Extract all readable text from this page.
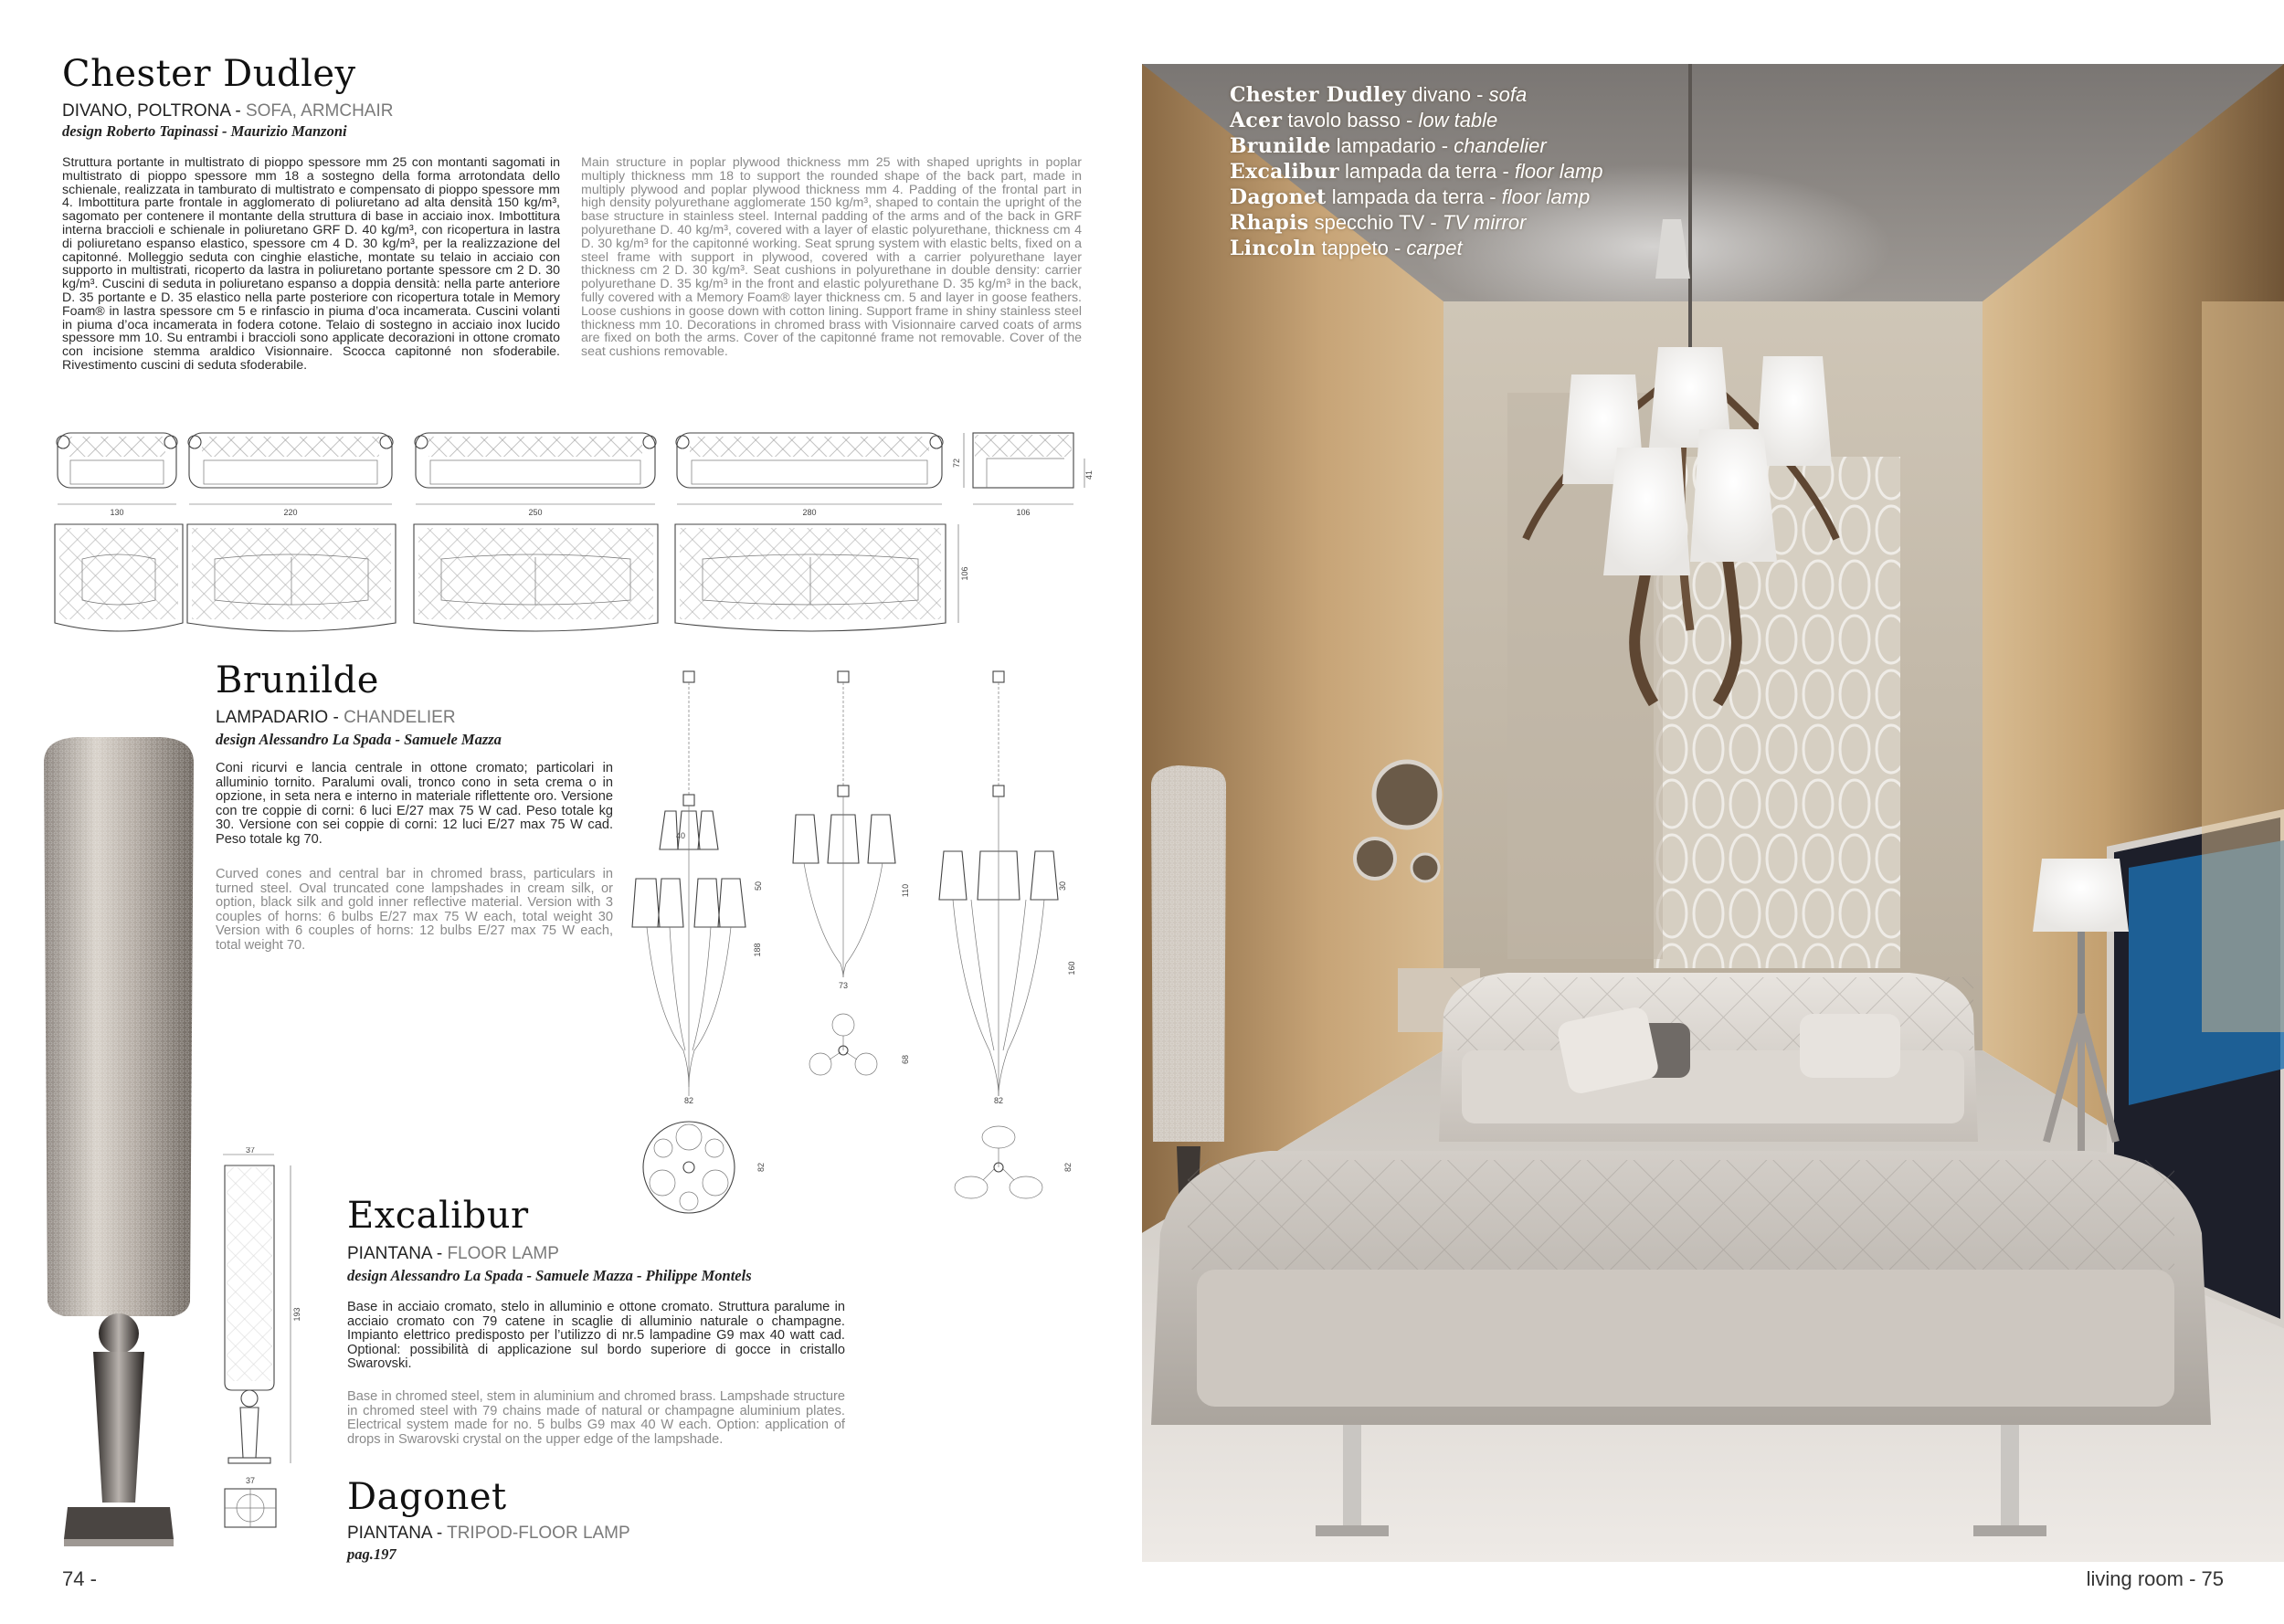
Chester Dudley
DIVANO, POLTRONA - SOFA, ARMCHAIR
design Roberto Tapinassi - Maurizio Manzoni

Struttura portante in multistrato di pioppo spessore mm 25 con montanti sagomati in multistrato di pioppo spessore mm 18 a sostegno della forma arrotondata dello schienale, realizzata in tamburato di multistrato e compensato di pioppo spessore mm 4. Imbottitura parte frontale in agglomerato di poliuretano ad alta densità 150 kg/m³, sagomato per contenere il montante della struttura di base in acciaio inox. Imbottitura interna braccioli e schienale in poliuretano GRF D. 40 kg/m³, con ricopertura in lastra di poliuretano espanso elastico, spessore cm 4 D. 30 kg/m³, per la realizzazione del capitonné. Molleggio seduta con cinghie elastiche, montate su telaio in acciaio con supporto in multistrati, ricoperto da lastra in poliuretano portante spessore cm 2 D. 30 kg/m³. Cuscini di seduta in poliuretano espanso a doppia densità: nella parte anteriore D. 35 portante e D. 35 elastico nella parte posteriore con ricopertura totale in Memory Foam® in lastra spessore cm 5 e rinfascio in piuma d’oca incamerata. Cuscini volanti in piuma d’oca incamerata in fodera cotone. Telaio di sostegno in acciaio inox lucido spessore mm 10. Su entrambi i braccioli sono applicate decorazioni in ottone cromato con incisione stemma araldico Visionnaire. Scocca capitonné non sfoderabile. Rivestimento cuscini di seduta sfoderabile.

Main structure in poplar plywood thickness mm 25 with shaped uprights in poplar multiply thickness mm 18 to support the rounded shape of the back part, made in multiply plywood and poplar plywood thickness mm 4. Padding of the frontal part in high density polyurethane agglomerate 150 kg/m³, shaped to contain the upright of the base structure in stainless steel. Internal padding of the arms and of the back in GRF polyurethane D. 40 kg/m³, covered with a layer of elastic polyurethane, thickness cm 4 D. 30 kg/m³ for the capitonné working. Seat sprung system with elastic belts, fixed on a steel frame with support in plywood, covered with a carrier polyurethane layer thickness cm 2 D. 30 kg/m³. Seat cushions in polyurethane in double density: carrier polyurethane D. 35 kg/m³ in the front and elastic polyurethane D. 35 kg/m³ in the back, fully covered with a Memory Foam® layer thickness cm. 5 and layer in goose feathers. Loose cushions in goose down with cotton lining. Support frame in shiny stainless steel thickness mm 10. Decorations in chromed brass with Visionnaire carved coats of arms are fixed on both the arms. Cover of the capitonné frame not removable. Cover of the seat cushions removable.

130	220	250	280	106
72
41
106
Brunilde
LAMPADARIO - CHANDELIER
design Alessandro La Spada - Samuele Mazza

Coni ricurvi e lancia centrale in ottone cromato; particolari in alluminio tornito. Paralumi ovali, tronco cono in seta crema o in opzione, in seta nera e interno in materiale riflettente oro. Versione con tre coppie di corni: 6 luci E/27 max 75 W cad. Peso totale kg 30. Versione con sei coppie di corni: 12 luci E/27 max 75 W cad. Peso totale kg 70.

Curved cones and central bar in chromed brass, particulars in turned steel. Oval truncated cone lampshades in cream silk, or option, black silk and gold inner reflective material. Version with 3 couples of horns: 6 bulbs E/27 max 75 W each, total weight 30 Version with 6 couples of horns: 12 bulbs E/27 max 75 W each, total weight 70.

40
188
50
82
110
73
68
30
160
82
82	82
37
193
37
Excalibur
PIANTANA - FLOOR LAMP
design Alessandro La Spada - Samuele Mazza - Philippe Montels

Base in acciaio cromato, stelo in alluminio e ottone cromato. Struttura paralume in acciaio cromato con 79 catene in scaglie di alluminio naturale o champagne. Impianto elettrico predisposto per l’utilizzo di nr.5 lampadine G9 max 40 watt cad. Optional: possibilità di applicazione sul bordo superiore di gocce in cristallo Swarovski.

Base in chromed steel, stem in aluminium and chromed brass. Lampshade structure in chromed steel with 79 chains made of natural or champagne aluminium plates. Electrical system made for no. 5 bulbs G9 max 40 W each. Option: application of drops in Swarovski crystal on the upper edge of the lampshade.

Dagonet
PIANTANA - TRIPOD-FLOOR LAMP
pag.197
74 -
Chester Dudley divano - sofa
Acer tavolo basso - low table
Brunilde lampadario - chandelier
Excalibur lampada da terra - floor lamp
Dagonet lampada da terra - floor lamp
Rhapis specchio TV - TV mirror
Lincoln tappeto - carpet
living room - 75
